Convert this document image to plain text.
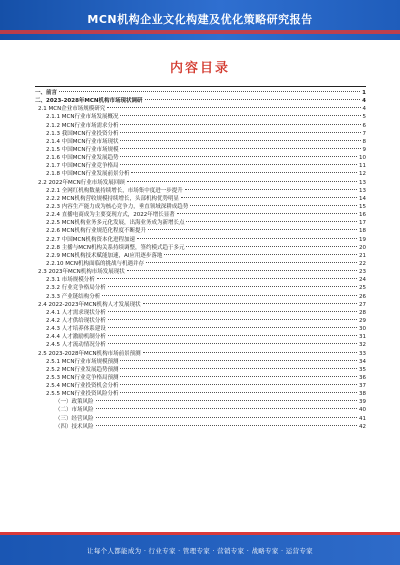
MCN机构企业文化构建及优化策略研究报告
内容目录
一、前言	1
二、2023-2028年MCN机构市场现状调研	4
2.1 MCN企业市场规模研究	4
2.1.1 MCN行业市场发展概况	5
2.1.2 MCN行业市场需求分析	6
2.1.3 我国MCN行业投资分析	7
2.1.4 中国MCN行业市场现状	8
2.1.5 中国MCN行业市场规模	9
2.1.6 中国MCN行业发展趋势	10
2.1.7 中国MCN行业竞争格局	11
2.1.8 中国MCN行业发展前景分析	12
2.2 2022年MCN行业市场发展回顾	13
2.2.1 全网红机构数量持续增长，市场集中度进一步提升	13
2.2.2 MCN机构营收规模持续增长，头部机构优势明显	14
2.2.3 内容生产能力成为核心竞争力，垂直领域深耕成趋势	15
2.2.4 直播电商成为主要变现方式，2022年增长显著	16
2.2.5 MCN机构业务多元化发展，出海业务成为新增长点	17
2.2.6 MCN机构行业规范化程度不断提升	18
2.2.7 中国MCN机构资本化进程加速	19
2.2.8 主播与MCN机构关系持续调整，签约模式趋于多元	20
2.2.9 MCN机构技术赋能加速，AI应用逐步落地	21
2.2.10 MCN机构面临的挑战与机遇并存	22
2.3 2023年MCN机构市场发展现状	23
2.3.1 市场规模分析	24
2.3.2 行业竞争格局分析	25
2.3.3 产业链结构分析	26
2.4 2022-2023年MCN机构人才发展现状	27
2.4.1 人才需求现状分析	28
2.4.2 人才供给现状分析	29
2.4.3 人才培养体系建设	30
2.4.4 人才激励机制分析	31
2.4.5 人才流动情况分析	32
2.5 2023-2028年MCN机构市场前景预测	33
2.5.1 MCN行业市场规模预测	34
2.5.2 MCN行业发展趋势预测	35
2.5.3 MCN行业竞争格局预测	36
2.5.4 MCN行业投资机会分析	37
2.5.5 MCN行业投资风险分析	38
（一）政策风险	39
（二）市场风险	40
（三）经营风险	41
（四）技术风险	42
让每个人都能成为 · 行业专家 · 管理专家 · 营销专家 · 战略专家 · 运营专家
